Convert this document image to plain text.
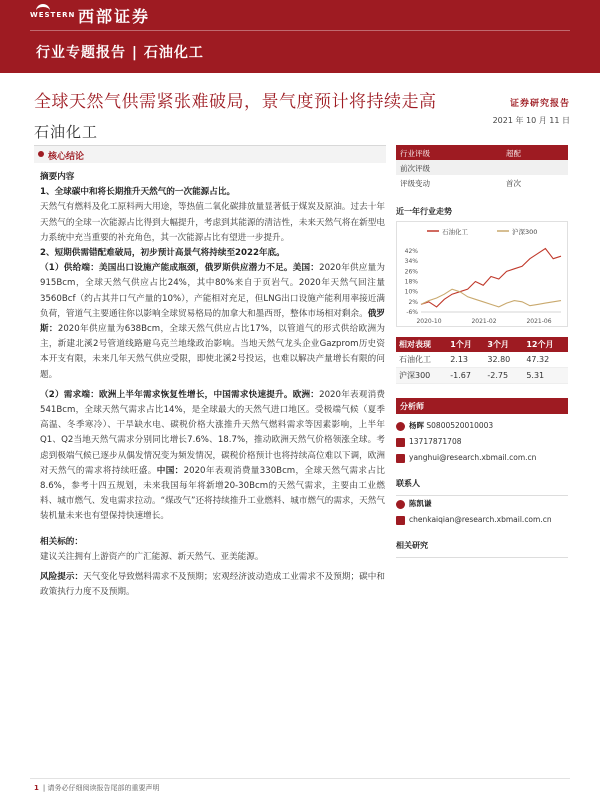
WESTERN 西部证券
行业专题报告 | 石油化工
全球天然气供需紧张难破局，景气度预计将持续走高	证券研究报告
2021 年 10 月 11 日
石油化工
核心结论

摘要内容

1、全球碳中和将长期推升天然气的一次能源占比。

天然气有燃料及化工原料两大用途，等热值二氧化碳排放量显著低于煤炭及原油。过去十年天然气的全球一次能源占比得到大幅提升，考虑到其能源的清洁性，未来天然气将在新型电力系统中充当重要的补充角色，其一次能源占比有望进一步提升。

2、短期供需错配难破局，初步预计高景气将持续至2022年底。

（1）供给端：美国出口设施产能成瓶颈，俄罗斯供应潜力不足。美国：2020年供应量为915Bcm，全球天然气供应占比24%，其中80%来自于页岩气。2020年天然气回注量3560Bcf（约占其井口气产量的10%），产能相对充足，但LNG出口设施产能利用率接近满负荷，管道气主要通往你以影响全球贸易格局的加拿大和墨西哥，整体市场相对剩余。俄罗斯：2020年供应量为638Bcm，全球天然气供应占比17%，以管道气的形式供给欧洲为主，新建北溪2号管道线路避乌克兰地缘政治影响。当地天然气龙头企业Gazprom历史资本开支有限，未来几年天然气供应受限，即使北溪2号投运，也难以解决产量增长有限的问题。

（2）需求端：欧洲上半年需求恢复性增长，中国需求快速提升。欧洲：2020年表观消费541Bcm，全球天然气需求占比14%，是全球最大的天然气进口地区。受极端气候（夏季高温、冬季寒冷）、干旱缺水电、碳税价格大涨推升天然气燃料需求等因素影响，上半年Q1、Q2当地天然气需求分别同比增长7.6%、18.7%，推动欧洲天然气价格领涨全球。考虑到极端气候已逐步从偶发情况变为频发情况，碳税价格预计也将持续高位难以下调，欧洲对天然气的需求将持续旺盛。中国：2020年表观消费量330Bcm，全球天然气需求占比8.6%，参考十四五规划，未来我国每年将新增20-30Bcm的天然气需求，主要由工业燃料、城市燃气、发电需求拉动。“煤改气”还将持续推升工业燃料、城市燃气的需求，天然气装机量未来也有望保持快速增长。

相关标的：

建议关注拥有上游资产的广汇能源、新天然气、亚美能源。

风险提示：天气变化导致燃料需求不及预期；宏观经济波动造成工业需求不及预期；碳中和政策执行力度不及预期。

行业评级	超配
前次评级
评级变动	首次
近一年行业走势
石油化工	沪深300
42%
34%
26%
18%
10%
2%
-6%
2020-10	2021-02	2021-06
相对表现	1个月	3个月	12个月
石油化工	2.13	32.80	47.32
沪深300	-1.67	-2.75	5.31
分析师
杨晖 S0800520010003
13717871708
yanghui@research.xbmail.com.cn
联系人
陈凯谦
chenkaiqian@research.xbmail.com.cn
相关研究
1 | 请务必仔细阅读报告尾部的重要声明
